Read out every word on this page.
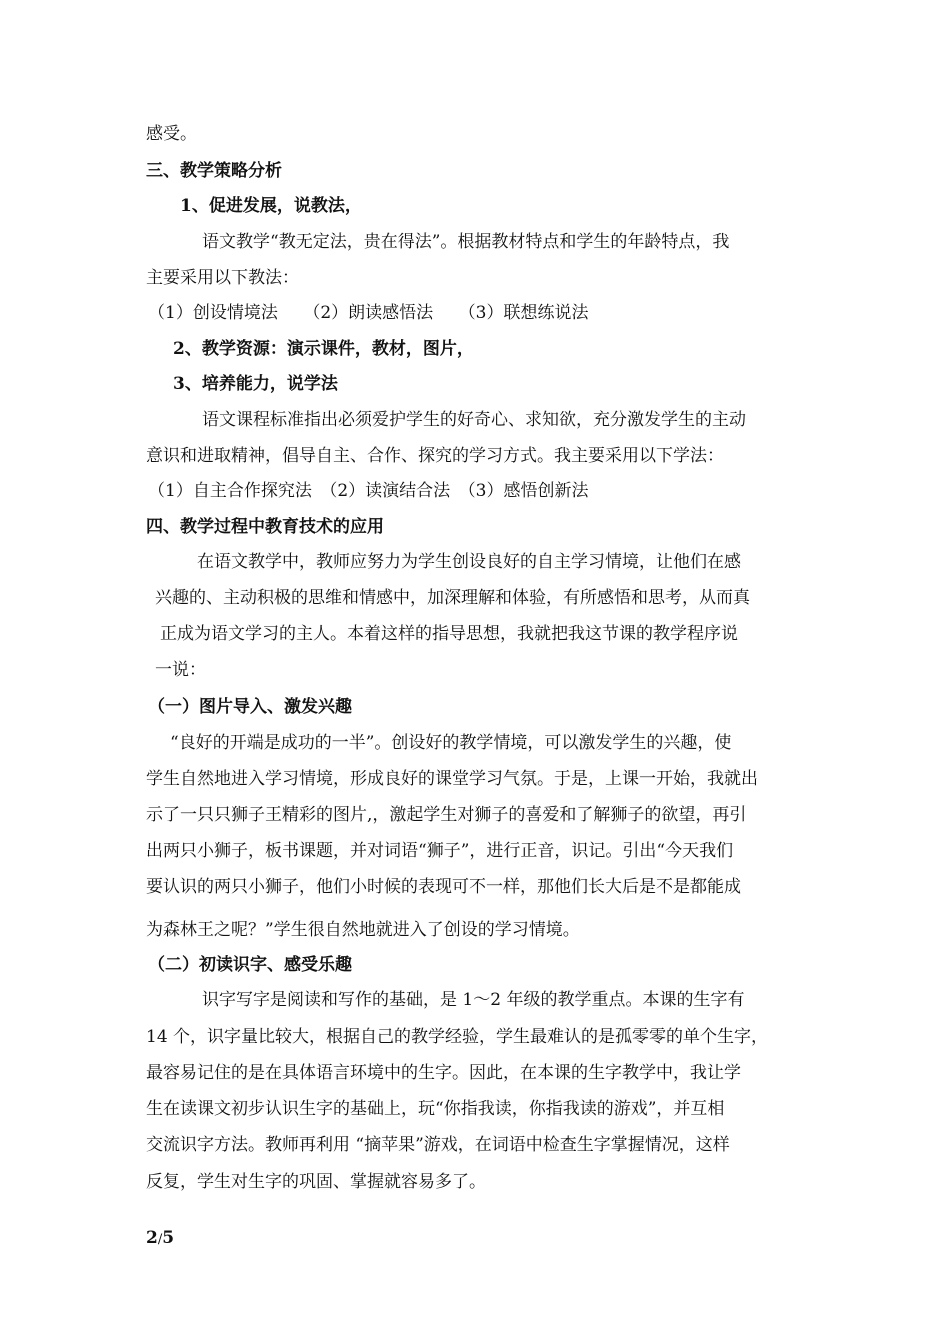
感受。
三、教学策略分析
1、促进发展，说教法，
语文教学“教无定法，贵在得法”。根据教材特点和学生的年龄特点，我
主要采用以下教法：
（1）创设情境法　　（2）朗读感悟法　　（3）联想练说法
2、教学资源：演示课件，教材，图片，
3、培养能力，说学法
语文课程标准指出必须爱护学生的好奇心、求知欲，充分激发学生的主动
意识和进取精神，倡导自主、合作、探究的学习方式。我主要采用以下学法：
（1）自主合作探究法　（2）读演结合法　（3）感悟创新法
四、教学过程中教育技术的应用
在语文教学中，教师应努力为学生创设良好的自主学习情境，让他们在感
兴趣的、主动积极的思维和情感中，加深理解和体验，有所感悟和思考，从而真
正成为语文学习的主人。本着这样的指导思想，我就把我这节课的教学程序说
一说：
（一）图片导入、激发兴趣
“良好的开端是成功的一半”。创设好的教学情境，可以激发学生的兴趣，使
学生自然地进入学习情境，形成良好的课堂学习气氛。于是，上课一开始，我就出
示了一只只狮子王精彩的图片,，激起学生对狮子的喜爱和了解狮子的欲望，再引
出两只小狮子，板书课题，并对词语“狮子”，进行正音，识记。引出“今天我们
要认识的两只小狮子，他们小时候的表现可不一样，那他们长大后是不是都能成
为森林王之呢？”学生很自然地就进入了创设的学习情境。
（二）初读识字、感受乐趣
识字写字是阅读和写作的基础，是 1～2 年级的教学重点。本课的生字有
14 个，识字量比较大，根据自己的教学经验，学生最难认的是孤零零的单个生字，
最容易记住的是在具体语言环境中的生字。因此，在本课的生字教学中，我让学
生在读课文初步认识生字的基础上，玩“你指我读，你指我读的游戏”，并互相
交流识字方法。教师再利用 “摘苹果”游戏，在词语中检查生字掌握情况，这样
反复，学生对生字的巩固、掌握就容易多了。
2/5
